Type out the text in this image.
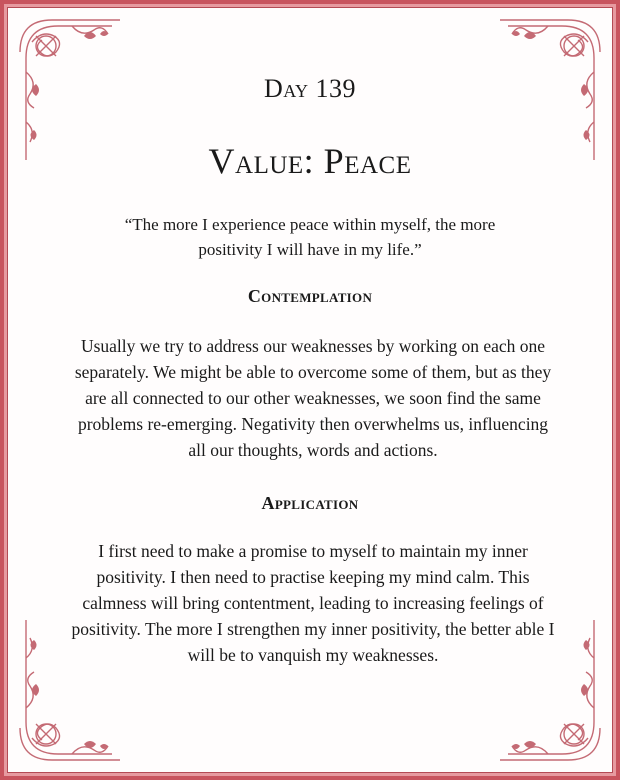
Day 139
Value: Peace
“The more I experience peace within myself, the more positivity I will have in my life.”
Contemplation
Usually we try to address our weaknesses by working on each one separately. We might be able to overcome some of them, but as they are all connected to our other weaknesses, we soon find the same problems re-emerging. Negativity then overwhelms us, influencing all our thoughts, words and actions.
Application
I first need to make a promise to myself to maintain my inner positivity. I then need to practise keeping my mind calm. This calmness will bring contentment, leading to increasing feelings of positivity. The more I strengthen my inner positivity, the better able I will be to vanquish my weaknesses.
